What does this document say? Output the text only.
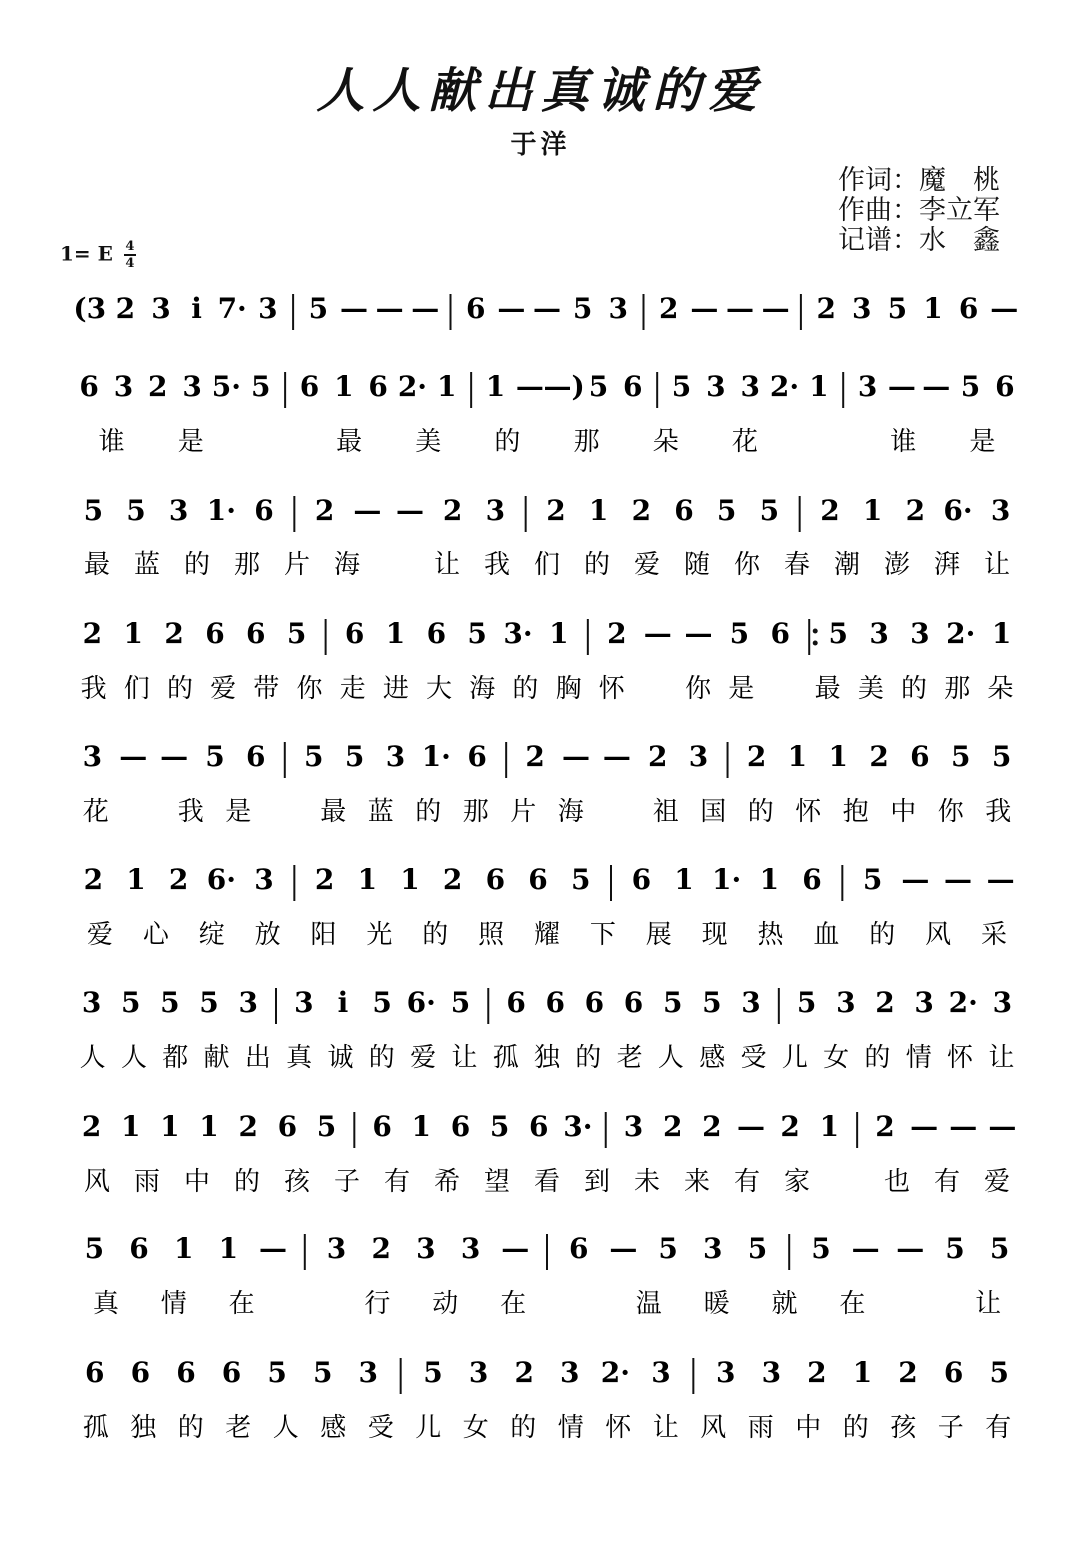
人人献出真诚的爱
于洋
作词：魔　桃
作曲：李立军
记谱：水　鑫
1= E $\frac{4}{4}$
(3 2 3 i 7· 3 5 — — — 6 — — 5 3 2 — — — 2 3 5 1 6 —
6 3 2 3 5· 5 6 1 6 2· 1 1 — —) 5 6 5 3 3 2· 1 3 — — 5 6
谁 是	最 美 的 那 朵 花	谁 是
5 5 3 1· 6 2 — — 2 3 2 1 2 6 5 5 2 1 2 6· 3
最 蓝 的 那 片 海	让 我 们 的 爱 随 你 春 潮 澎 湃 让
2 1 2 6 6 5 6 1 6 5 3· 1 2 — — 5 6 5 3 3 2· 1
我 们 的 爱 带 你 走 进 大 海 的 胸 怀 你 是 最 美 的 那 朵
3 — — 5 6 5 5 3 1· 6 2 — — 2 3 2 1 1 2 6 5 5
花	我 是	最 蓝 的 那 片 海	祖 国 的 怀 抱 中 你 我
2 1 2 6· 3 2 1 1 2 6 6 5 6 1 1· 1 6 5 — — —
爱 心 绽 放 阳 光 的 照 耀 下 展 现 热 血 的 风 采
3 5 5 5 3 3 i 5 6· 5 6 6 6 6 5 5 3 5 3 2 3 2· 3
人 人 都 献 出 真 诚 的 爱 让 孤 独 的 老 人 感 受 儿 女 的 情 怀 让
2 1 1 1 2 6 5 6 1 6 5 6 3· 3 2 2 — 2 1 2 — — —
风 雨 中 的 孩 子 有 希 望 看 到 未 来 有 家	也 有 爱
5 6 1 1 — 3 2 3 3 — 6 — 5 3 5 5 — — 5 5
真 情 在	行 动 在	温 暖 就 在	让
6 6 6 6 5 5 3 5 3 2 3 2· 3 3 3 2 1 2 6 5
孤 独 的 老 人 感 受 儿 女 的 情 怀 让 风 雨 中 的 孩 子 有
